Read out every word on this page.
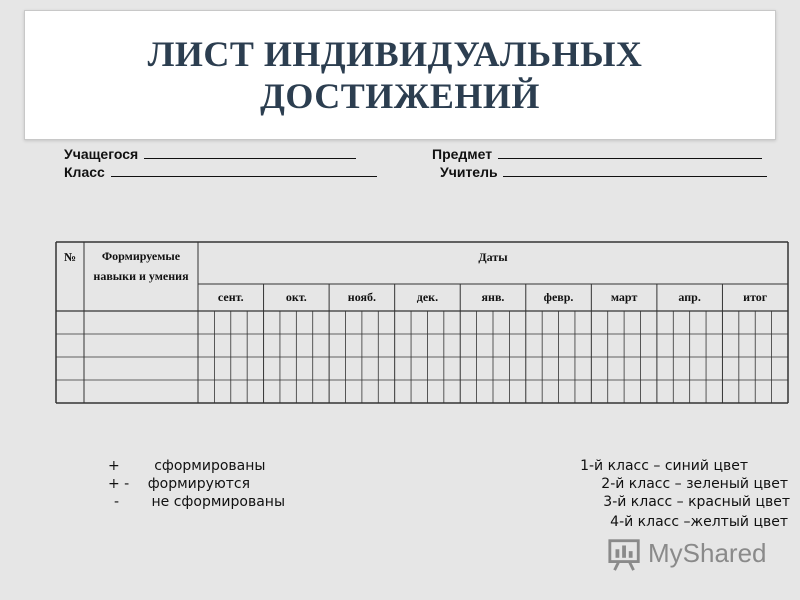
ЛИСТ ИНДИВИДУАЛЬНЫХ
ДОСТИЖЕНИЙ
Учащегося	Предмет
Класс	Учитель
№	Формируемые навыки и умения
Даты
сент.	окт.	нояб.	дек.	янв.	февр.	март	апр.	итог
+ сформированы
+ - формируются
- не сформированы
1-й класс – синий цвет
2-й класс – зеленый цвет
3-й класс – красный цвет
4-й класс –желтый цвет
MyShared
